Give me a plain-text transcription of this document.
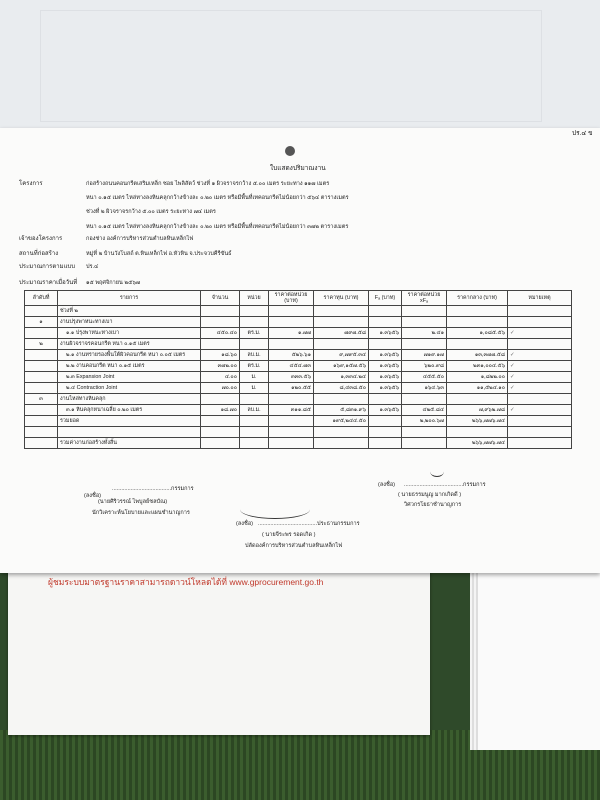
ผู้ชมระบบมาตรฐานราคาสามารถดาวน์โหลดได้ที่ www.gprocurement.go.th
ปร.๔ ข
ใบแสดงปริมาณงาน
โครงการ	ก่อสร้างถนนคอนกรีตเสริมเหล็ก ซอย ไพลิสัตว์ ช่วงที่ ๑ ผิวจราจรกว้าง ๕.๐๐ เมตร ระยะทาง ๑๑๗ เมตร
หนา ๐.๑๕ เมตร ไหล่ทางลงหินคลุกกว้างข้างละ ๐.๒๐ เมตร หรือมีพื้นที่เทคอนกรีตไม่น้อยกว่า ๕๖๔ ตารางเมตร
ช่วงที่ ๒ ผิวจราจรกว้าง ๕.๐๐ เมตร ระยะทาง ๗๔ เมตร
หนา ๐.๑๕ เมตร ไหล่ทางลงหินคลุกกว้างข้างละ ๐.๒๐ เมตร หรือมีพื้นที่เทคอนกรีตไม่น้อยกว่า ๓๗๒ ตารางเมตร
เจ้าของโครงการ	กองช่าง องค์การบริหารส่วนตำบลหินเหล็กไฟ
สถานที่ก่อสร้าง	หมู่ที่ ๒ บ้านวังโบสถ์ ต.หินเหล็กไฟ อ.หัวหิน จ.ประจวบคีรีขันธ์
ประมาณการตามแบบ ปร.๔
ประมาณราคาเมื่อวันที่ ๑๕ พฤศจิกายน ๒๕๖๗
ลำดับที่	รายการ	จำนวน	หน่วย	ราคาต่อหน่วย (บาท)	ราคาทุน (บาท)	Fₐ (บาท)	ราคาต่อหน่วย xFₐ	ราคากลาง (บาท)	หมายเหตุ
	ช่วงที่ ๒								
๑	งานปรุงพาหนะทางเบา								
	๑.๑ ปรุงพาหนะทางเบา	๔๕๐.๔๐	ตร.ม.	๑.๗๗	๗๙๗.๕๘	๑.๓๖๕๖	๒.๔๑	๑,๐๘๕.๕๖	✓
๒	งานผิวจราจรคอนกรีต หนา ๐.๑๕ เมตร								
	๒.๑ งานทรายรองพื้นใต้ผิวคอนกรีต หนา ๐.๐๕ เมตร	๑๘.๖๐	ลบ.ม.	๕๒๖.๖๑	๙,๗๙๕.๓๔	๑.๓๖๕๖	๗๑๙.๑๗	๑๓,๓๗๗.๕๘	✓
	๒.๒ งานคอนกรีต หนา ๐.๑๕ เมตร	๓๗๒.๐๐	ตร.ม.	๔๕๔.๗๓	๑๖๙,๑๕๗.๕๖	๑.๓๖๕๖	๖๒๐.๙๘	๒๓๑,๐๐๔.๕๖	✓
	๒.๓ Expansion Joint	๔.๐๐	ม.	๓๓๓.๕๖	๑,๓๓๔.๒๔	๑.๓๖๕๖	๔๕๕.๕๐	๑,๘๒๒.๐๐	✓
	๒.๔ Contraction Joint	๗๐.๐๐	ม.	๑๒๐.๕๕	๘,๔๓๘.๕๐	๑.๓๖๕๖	๑๖๔.๖๓	๑๑,๕๒๔.๑๐	✓
๓	งานไหล่ทางหินคลุก								
	๓.๑ หินคลุกหนาเฉลี่ย ๐.๒๐ เมตร	๑๘.๗๐	ลบ.ม.	๓๑๑.๘๕	๕,๘๓๑.๙๖	๑.๓๖๕๖	๔๒๕.๘๔	๗,๙๖๒.๗๘	✓
	รวมยอด				๑๙๕,๒๔๔.๕๐		๒,๒๐๐.๖๗	๒๖๖,๗๗๖.๗๔	

	รวมค่างานก่อสร้างทั้งสิ้น							๒๖๖,๗๗๖.๗๔	
(ลงชื่อ)
......................................กรรมการ
(นายศิริวรรณ์ ไพบูลย์ชลบัณ)
นักวิเคราะห์นโยบายและแผนชำนาญการ
(ลงชื่อ) ......................................กรรมการ
( นายธรรมนูญ มากเกิดดี )
วิศวกรโยธาชำนาญการ
(ลงชื่อ) ......................................ประธานกรรมการ
( นายจีระพร รอดเกิด )
ปลัดองค์การบริหารส่วนตำบลหินเหล็กไฟ
